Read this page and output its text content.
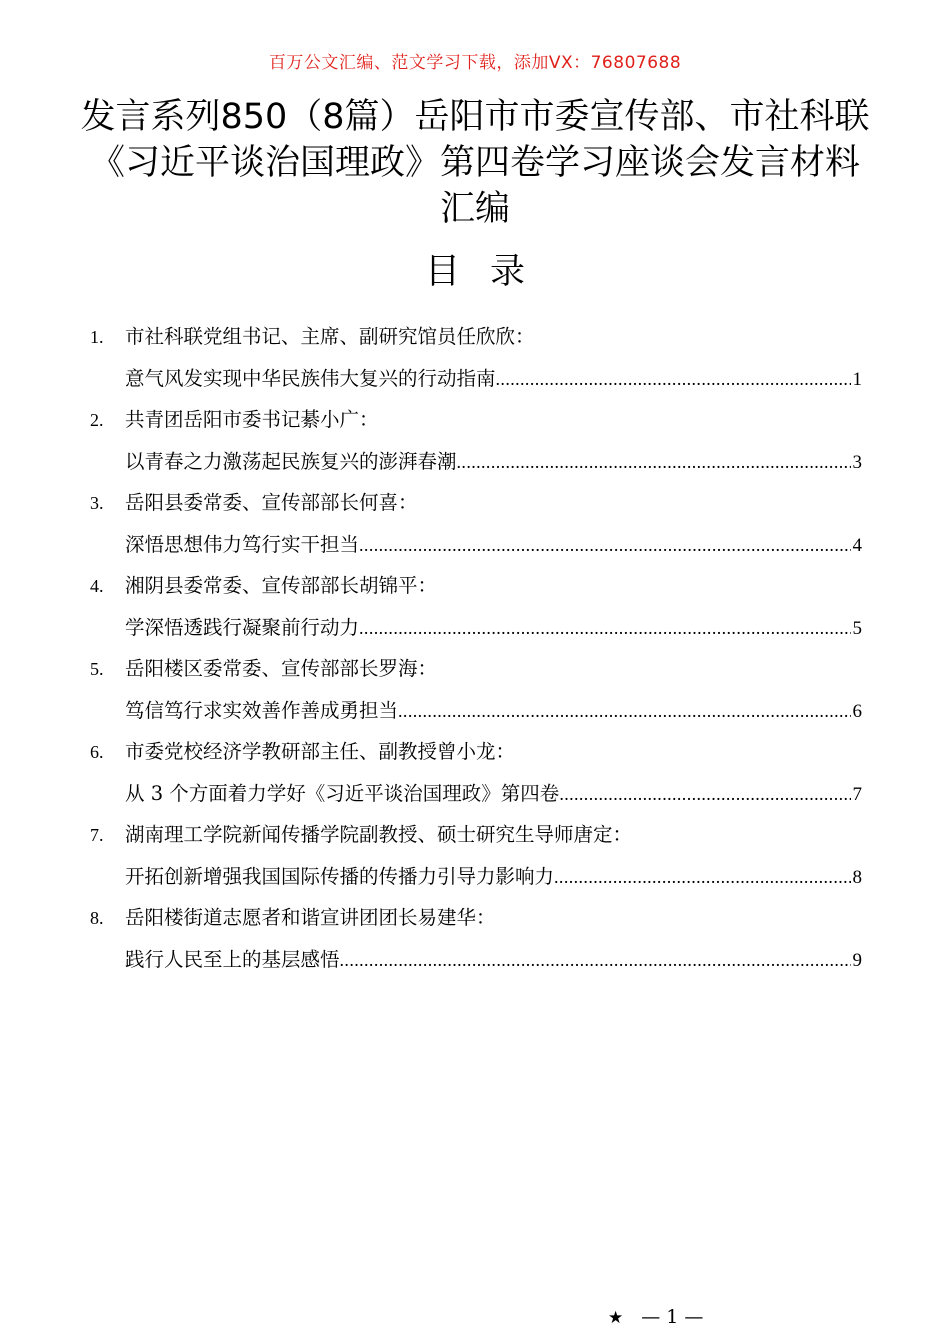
百万公文汇编、范文学习下载，添加VX：76807688
发言系列850（8篇）岳阳市市委宣传部、市社科联《习近平谈治国理政》第四卷学习座谈会发言材料汇编
目录
1. 市社科联党组书记、主席、副研究馆员任欣欣：
意气风发实现中华民族伟大复兴的行动指南 .....	1
2. 共青团岳阳市委书记綦小广：
以青春之力激荡起民族复兴的澎湃春潮 .....	3
3. 岳阳县委常委、宣传部部长何喜：
深悟思想伟力笃行实干担当 .....	4
4. 湘阴县委常委、宣传部部长胡锦平：
学深悟透践行凝聚前行动力 .....	5
5. 岳阳楼区委常委、宣传部部长罗海：
笃信笃行求实效善作善成勇担当 .....	6
6. 市委党校经济学教研部主任、副教授曾小龙：
从 3 个方面着力学好《习近平谈治国理政》第四卷 .....	7
7. 湖南理工学院新闻传播学院副教授、硕士研究生导师唐定：
开拓创新增强我国国际传播的传播力引导力影响力 .....	8
8. 岳阳楼街道志愿者和谐宣讲团团长易建华：
践行人民至上的基层感悟 .....	9
★ — 1 —
